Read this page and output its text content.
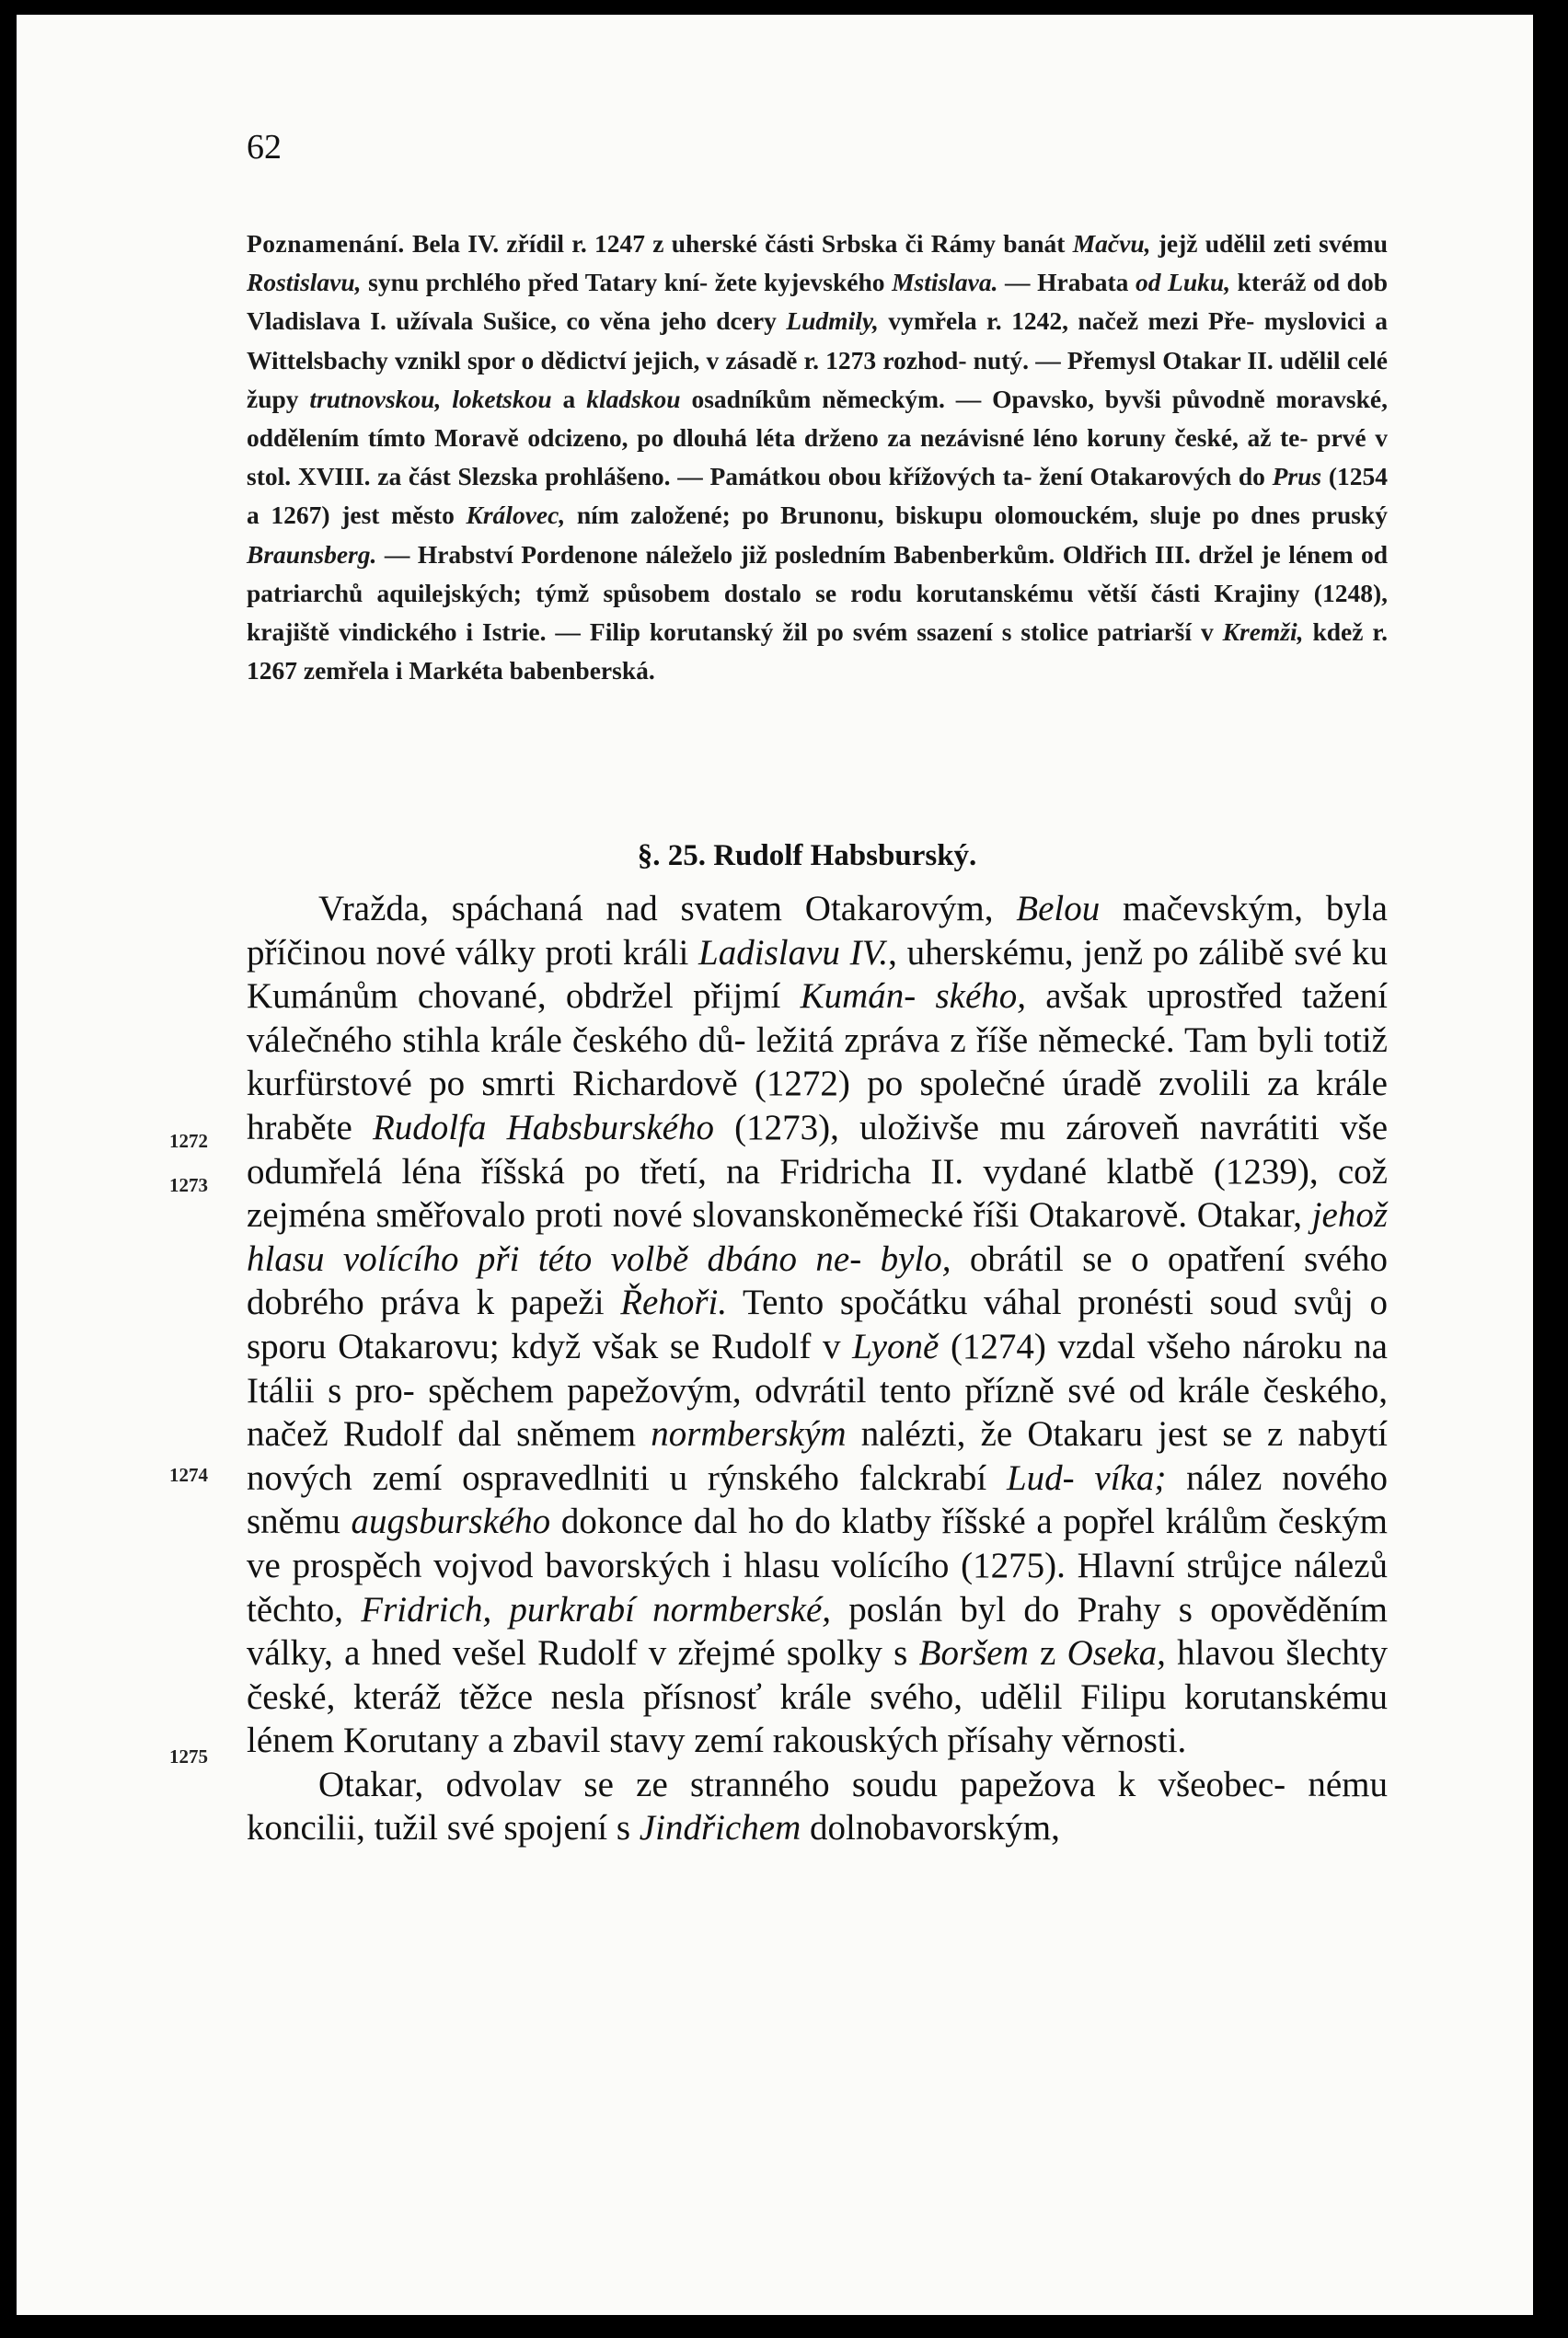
62
Poznamenání. Bela IV. zřídil r. 1247 z uherské části Srbska či Rámy banát Mačvu, jejž udělil zeti svému Rostislavu, synu prchlého před Tatary kní- žete kyjevského Mstislava. — Hrabata od Luku, kteráž od dob Vladislava I. užívala Sušice, co věna jeho dcery Ludmily, vymřela r. 1242, načež mezi Pře- myslovici a Wittelsbachy vznikl spor o dědictví jejich, v zásadě r. 1273 rozhod- nutý. — Přemysl Otakar II. udělil celé župy trutnovskou, loketskou a kladskou osadníkům německým. — Opavsko, byvši původně moravské, oddělením tímto Moravě odcizeno, po dlouhá léta drženo za nezávisné léno koruny české, až te- prvé v stol. XVIII. za část Slezska prohlášeno. — Památkou obou křížových ta- žení Otakarových do Prus (1254 a 1267) jest město Královec, ním založené; po Brunonu, biskupu olomouckém, sluje po dnes pruský Braunsberg. — Hrabství Pordenone náleželo již posledním Babenberkům. Oldřich III. držel je lénem od patriarchů aquilejských; týmž spůsobem dostalo se rodu korutanskému větší části Krajiny (1248), krajiště vindického i Istrie. — Filip korutanský žil po svém ssazení s stolice patriarší v Kremži, kdež r. 1267 zemřela i Markéta babenberská.
§. 25. Rudolf Habsburský.

Vražda, spáchaná nad svatem Otakarovým, Belou mačevským, byla příčinou nové války proti králi Ladislavu IV., uherskému, jenž po zálibě své ku Kumánům chované, obdržel přijmí Kumán- ského, avšak uprostřed tažení válečného stihla krále českého dů- ležitá zpráva z říše německé. Tam byli totiž kurfürstové po smrti Richardově (1272) po společné úradě zvolili za krále hraběte Rudolfa Habsburského (1273), uloživše mu zároveň navrátiti vše odumřelá léna říšská po třetí, na Fridricha II. vydané klatbě (1239), což zejména směřovalo proti nové slovanskoněmecké říši Otakarově. Otakar, jehož hlasu volícího při této volbě dbáno ne- bylo, obrátil se o opatření svého dobrého práva k papeži Řehoři. Tento spočátku váhal pronésti soud svůj o sporu Otakarovu; když však se Rudolf v Lyoně (1274) vzdal všeho nároku na Itálii s pro- spěchem papežovým, odvrátil tento přízně své od krále českého, načež Rudolf dal sněmem normberským nalézti, že Otakaru jest se z nabytí nových zemí ospravedlniti u rýnského falckrabí Lud- víka; nález nového sněmu augsburského dokonce dal ho do klatby říšské a popřel králům českým ve prospěch vojvod bavorských i hlasu volícího (1275). Hlavní strůjce nálezů těchto, Fridrich, purkrabí normberské, poslán byl do Prahy s opověděním války, a hned vešel Rudolf v zřejmé spolky s Boršem z Oseka, hlavou šlechty české, kteráž těžce nesla přísnosť krále svého, udělil Filipu korutanskému lénem Korutany a zbavil stavy zemí rakouských přísahy věrnosti.

Otakar, odvolav se ze stranného soudu papežova k všeobec- nému koncilii, tužil své spojení s Jindřichem dolnobavorským,

1272
1273
1274
1275
